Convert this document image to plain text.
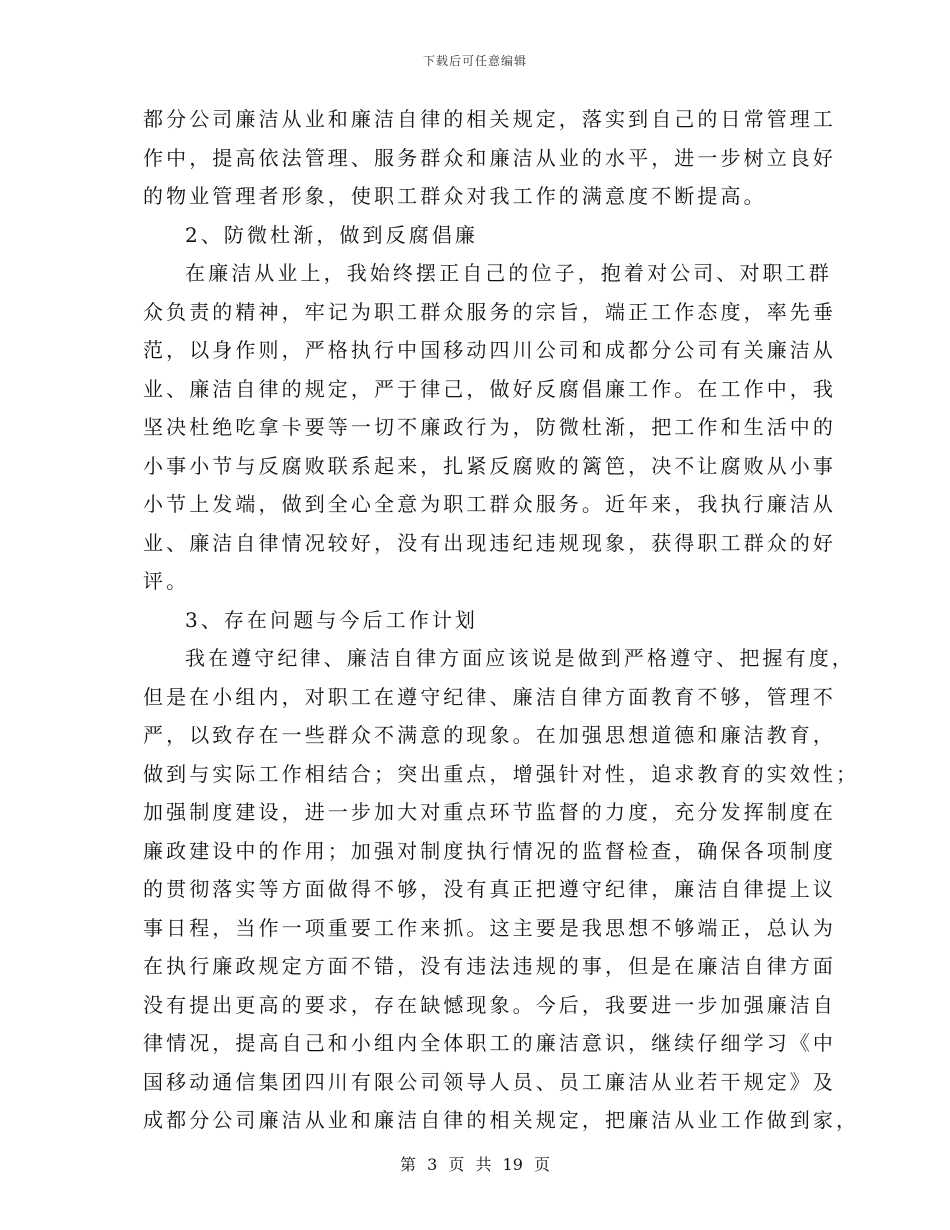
下载后可任意编辑
都分公司廉洁从业和廉洁自律的相关规定，落实到自己的日常管理工
作中，提高依法管理、服务群众和廉洁从业的水平，进一步树立良好
的物业管理者形象，使职工群众对我工作的满意度不断提高。
2、防微杜渐，做到反腐倡廉
在廉洁从业上，我始终摆正自己的位子，抱着对公司、对职工群
众负责的精神，牢记为职工群众服务的宗旨，端正工作态度，率先垂
范，以身作则，严格执行中国移动四川公司和成都分公司有关廉洁从
业、廉洁自律的规定，严于律己，做好反腐倡廉工作。在工作中，我
坚决杜绝吃拿卡要等一切不廉政行为，防微杜渐，把工作和生活中的
小事小节与反腐败联系起来，扎紧反腐败的篱笆，决不让腐败从小事
小节上发端，做到全心全意为职工群众服务。近年来，我执行廉洁从
业、廉洁自律情况较好，没有出现违纪违规现象，获得职工群众的好
评。
3、存在问题与今后工作计划
我在遵守纪律、廉洁自律方面应该说是做到严格遵守、把握有度，
但是在小组内，对职工在遵守纪律、廉洁自律方面教育不够，管理不
严，以致存在一些群众不满意的现象。在加强思想道德和廉洁教育，
做到与实际工作相结合；突出重点，增强针对性，追求教育的实效性；
加强制度建设，进一步加大对重点环节监督的力度，充分发挥制度在
廉政建设中的作用；加强对制度执行情况的监督检查，确保各项制度
的贯彻落实等方面做得不够，没有真正把遵守纪律，廉洁自律提上议
事日程，当作一项重要工作来抓。这主要是我思想不够端正，总认为
在执行廉政规定方面不错，没有违法违规的事，但是在廉洁自律方面
没有提出更高的要求，存在缺憾现象。今后，我要进一步加强廉洁自
律情况，提高自己和小组内全体职工的廉洁意识，继续仔细学习《中
国移动通信集团四川有限公司领导人员、员工廉洁从业若干规定》及
成都分公司廉洁从业和廉洁自律的相关规定，把廉洁从业工作做到家，
第 3 页 共 19 页
